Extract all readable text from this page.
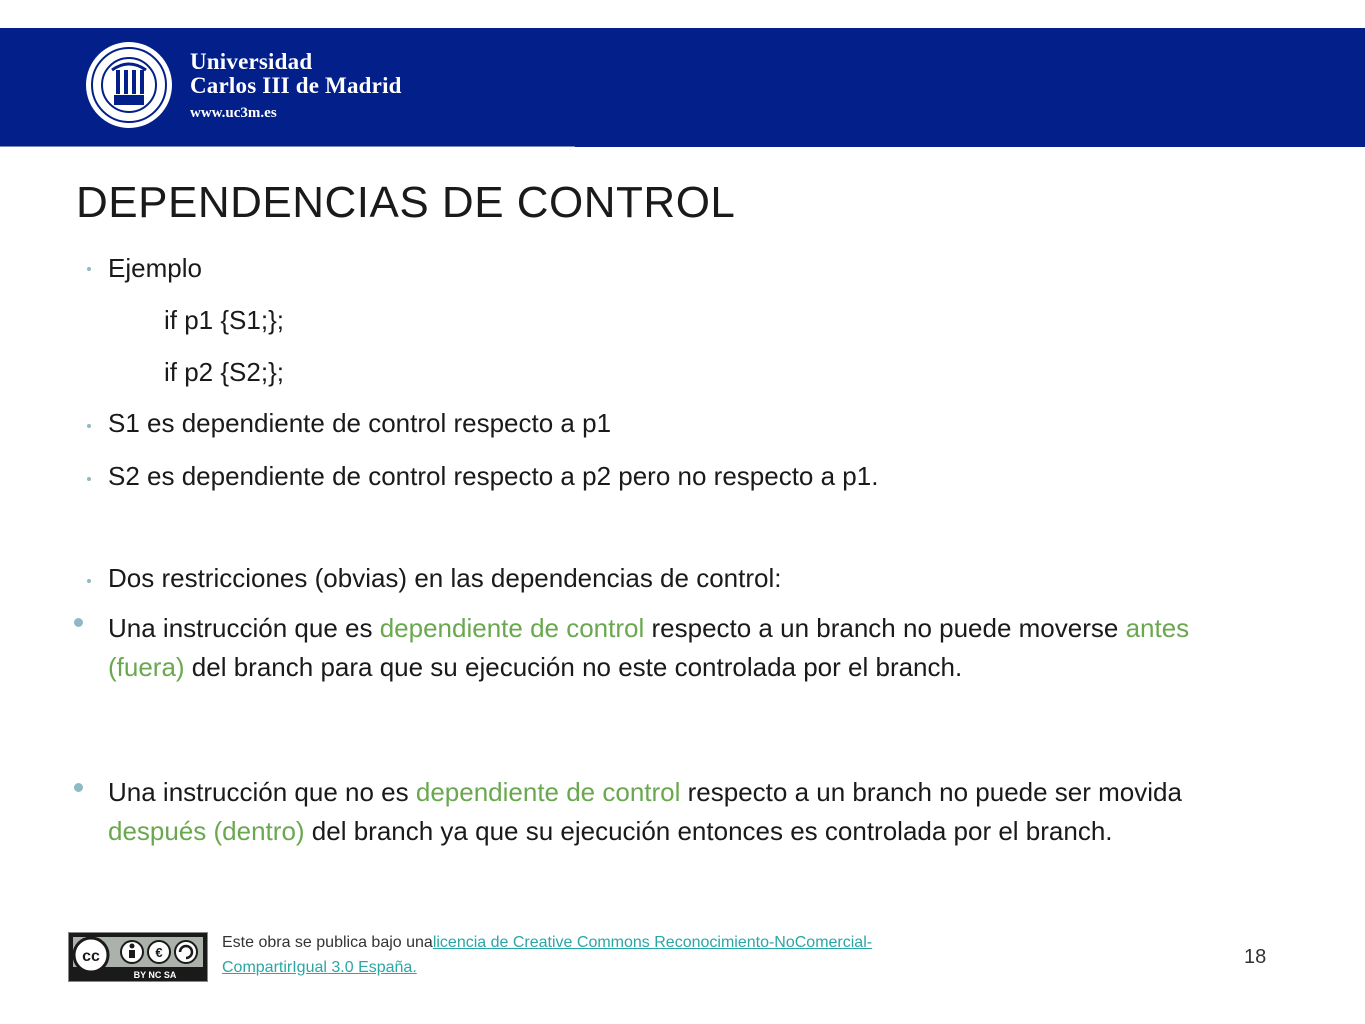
Universidad
Carlos III de Madrid
www.uc3m.es
DEPENDENCIAS DE CONTROL
Ejemplo
if p1 {S1;};
if p2 {S2;};
S1 es dependiente de control respecto a p1
S2 es dependiente de control respecto a p2 pero no respecto a p1.
Dos restricciones (obvias) en las dependencias de control:
Una instrucción que es dependiente de control respecto a un branch no puede moverse antes (fuera) del branch para que su ejecución no este controlada por el branch.
Una instrucción que no es dependiente de control respecto a un branch no puede ser movida después (dentro) del branch ya que su ejecución entonces es controlada por el branch.
cc	€
BY NC SA
Este obra se publica bajo unalicencia de Creative Commons Reconocimiento-NoComercial-CompartirIgual 3.0 España.	18
